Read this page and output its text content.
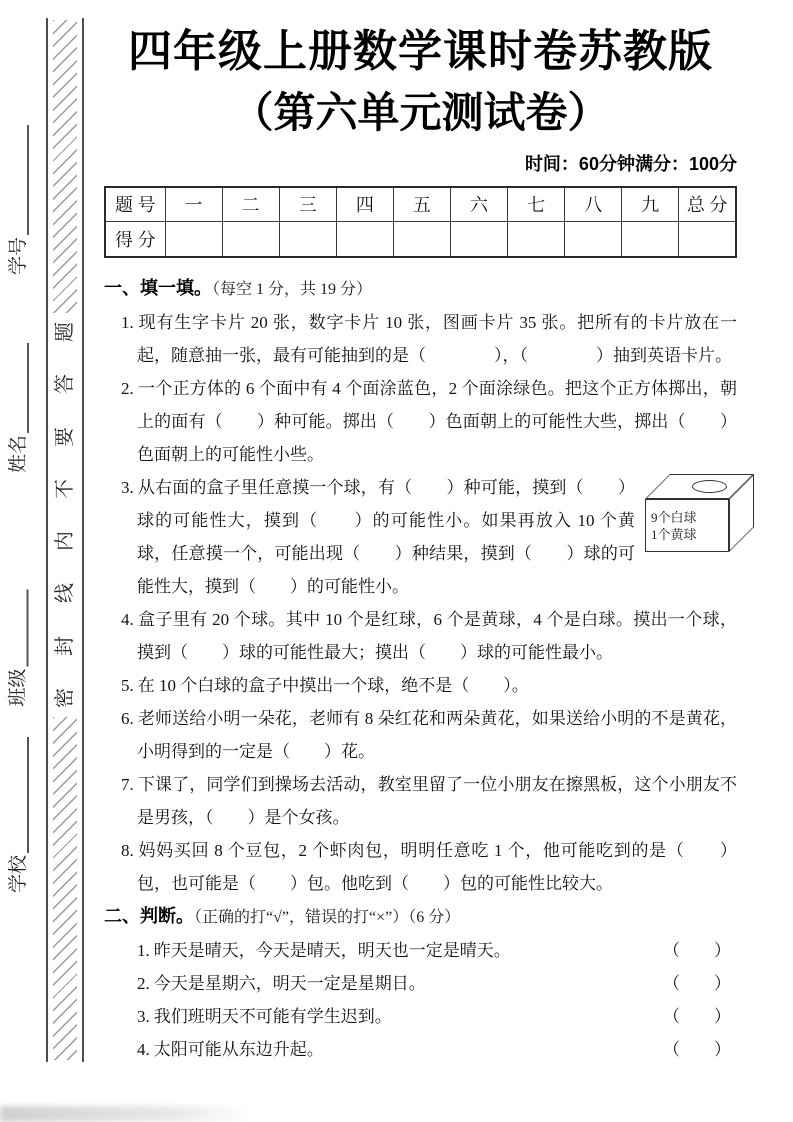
学号
姓名
班级
学校
题
答
要
不
内
线
封
密
四年级上册数学课时卷苏教版
（第六单元测试卷）
时间：60分钟满分：100分
题 号	一	二	三	四	五	六	七	八	九	总 分
得 分										
一、填一填。（每空 1 分，共 19 分）
1. 现有生字卡片 20 张，数字卡片 10 张，图画卡片 35 张。把所有的卡片放在一起，随意抽一张，最有可能抽到的是（　　　　），（　　　　）抽到英语卡片。
2. 一个正方体的 6 个面中有 4 个面涂蓝色，2 个面涂绿色。把这个正方体掷出，朝上的面有（　　）种可能。掷出（　　）色面朝上的可能性大些，掷出（　　）色面朝上的可能性小些。
9个白球
1个黄球
3. 从右面的盒子里任意摸一个球，有（　　）种可能，摸到（　　）球的可能性大，摸到（　　）的可能性小。如果再放入 10 个黄球，任意摸一个，可能出现（　　）种结果，摸到（　　）球的可能性大，摸到（　　）的可能性小。
4. 盒子里有 20 个球。其中 10 个是红球，6 个是黄球，4 个是白球。摸出一个球，摸到（　　）球的可能性最大；摸出（　　）球的可能性最小。
5. 在 10 个白球的盒子中摸出一个球，绝不是（　　）。
6. 老师送给小明一朵花，老师有 8 朵红花和两朵黄花，如果送给小明的不是黄花，小明得到的一定是（　　）花。
7. 下课了，同学们到操场去活动，教室里留了一位小朋友在擦黑板，这个小朋友不是男孩，（　　）是个女孩。
8. 妈妈买回 8 个豆包，2 个虾肉包，明明任意吃 1 个，他可能吃到的是（　　）包，也可能是（　　）包。他吃到（　　）包的可能性比较大。
二、判断。（正确的打“√”，错误的打“×”）（6 分）
1. 昨天是晴天，今天是晴天，明天也一定是晴天。	（　　）
2. 今天是星期六，明天一定是星期日。	（　　）
3. 我们班明天不可能有学生迟到。	（　　）
4. 太阳可能从东边升起。	（　　）
